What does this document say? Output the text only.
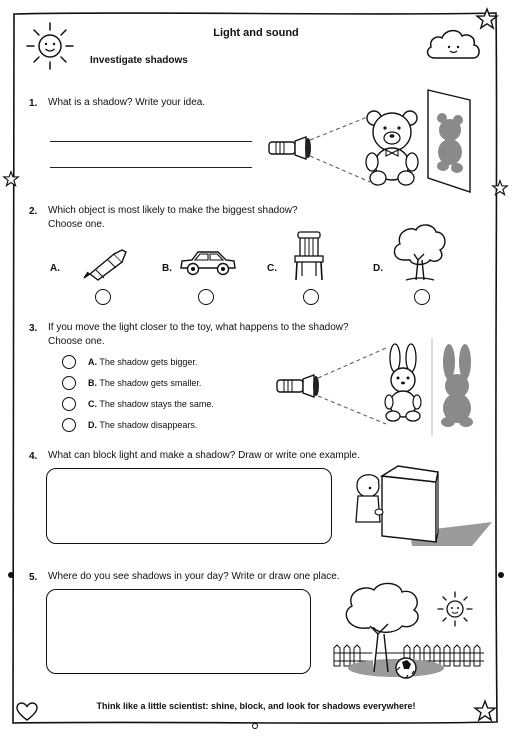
Light and sound
Investigate shadows
1. What is a shadow? Write your idea.
2. Which object is most likely to make the biggest shadow?
Choose one.
A.	B.	C.	D.
3. If you move the light closer to the toy, what happens to the shadow?
Choose one.
A. The shadow gets bigger.
B. The shadow gets smaller.
C. The shadow stays the same.
D. The shadow disappears.
4. What can block light and make a shadow? Draw or write one example.
5. Where do you see shadows in your day? Write or draw one place.
Think like a little scientist: shine, block, and look for shadows everywhere!
